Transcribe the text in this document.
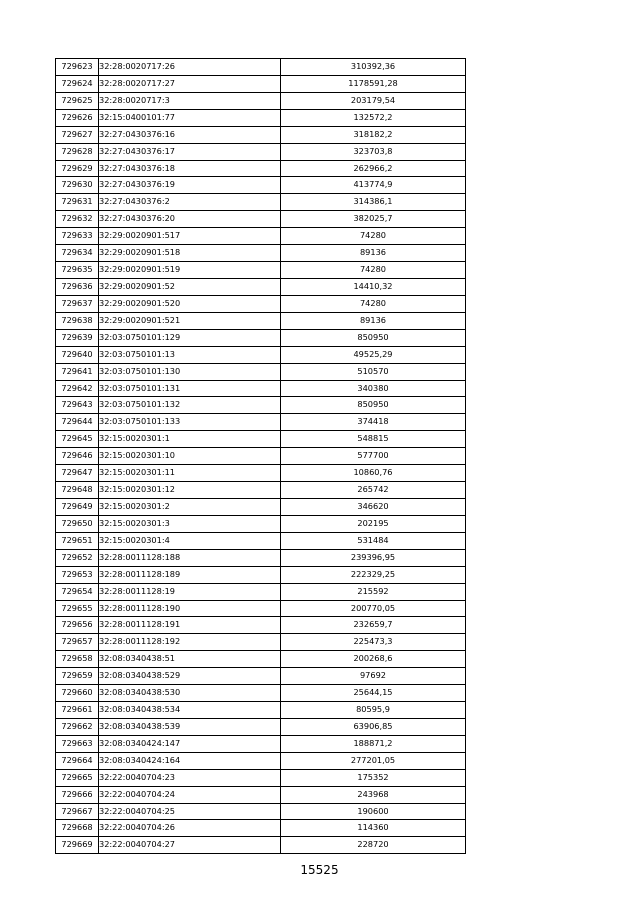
729623	32:28:0020717:26	310392,36
729624	32:28:0020717:27	1178591,28
729625	32:28:0020717:3	203179,54
729626	32:15:0400101:77	132572,2
729627	32:27:0430376:16	318182,2
729628	32:27:0430376:17	323703,8
729629	32:27:0430376:18	262966,2
729630	32:27:0430376:19	413774,9
729631	32:27:0430376:2	314386,1
729632	32:27:0430376:20	382025,7
729633	32:29:0020901:517	74280
729634	32:29:0020901:518	89136
729635	32:29:0020901:519	74280
729636	32:29:0020901:52	14410,32
729637	32:29:0020901:520	74280
729638	32:29:0020901:521	89136
729639	32:03:0750101:129	850950
729640	32:03:0750101:13	49525,29
729641	32:03:0750101:130	510570
729642	32:03:0750101:131	340380
729643	32:03:0750101:132	850950
729644	32:03:0750101:133	374418
729645	32:15:0020301:1	548815
729646	32:15:0020301:10	577700
729647	32:15:0020301:11	10860,76
729648	32:15:0020301:12	265742
729649	32:15:0020301:2	346620
729650	32:15:0020301:3	202195
729651	32:15:0020301:4	531484
729652	32:28:0011128:188	239396,95
729653	32:28:0011128:189	222329,25
729654	32:28:0011128:19	215592
729655	32:28:0011128:190	200770,05
729656	32:28:0011128:191	232659,7
729657	32:28:0011128:192	225473,3
729658	32:08:0340438:51	200268,6
729659	32:08:0340438:529	97692
729660	32:08:0340438:530	25644,15
729661	32:08:0340438:534	80595,9
729662	32:08:0340438:539	63906,85
729663	32:08:0340424:147	188871,2
729664	32:08:0340424:164	277201,05
729665	32:22:0040704:23	175352
729666	32:22:0040704:24	243968
729667	32:22:0040704:25	190600
729668	32:22:0040704:26	114360
729669	32:22:0040704:27	228720
15525
